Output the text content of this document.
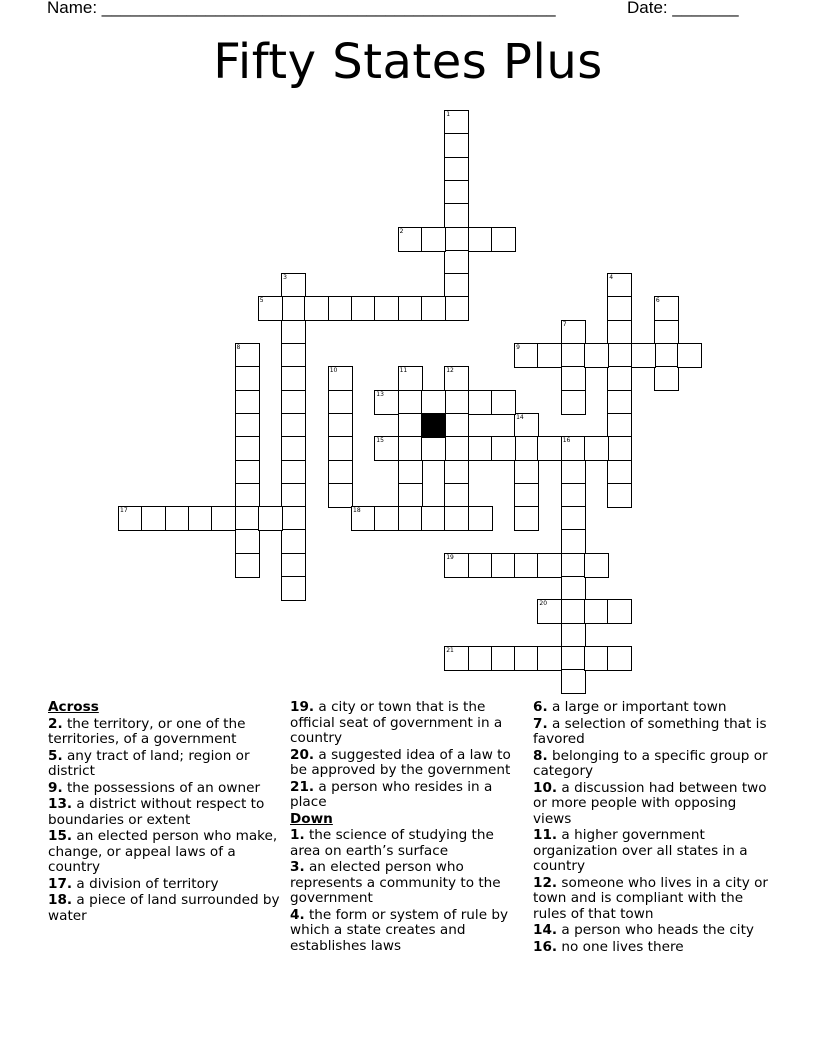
Name: ________________________________________________	Date: _______
Fifty States Plus
1
3	4
6
7
8
10	11	12
14
16
2
5
9
13
15
17	18
19
20
21
Across
2. the territory, or one of the territories, of a government
5. any tract of land; region or district
9. the possessions of an owner
13. a district without respect to boundaries or extent
15. an elected person who make, change, or appeal laws of a country
17. a division of territory
18. a piece of land surrounded by water
19. a city or town that is the official seat of government in a country
20. a suggested idea of a law to be approved by the government
21. a person who resides in a place
Down
1. the science of studying the area on earth’s surface
3. an elected person who represents a community to the government
4. the form or system of rule by which a state creates and establishes laws
6. a large or important town
7. a selection of something that is favored
8. belonging to a specific group or category
10. a discussion had between two or more people with opposing views
11. a higher government organization over all states in a country
12. someone who lives in a city or town and is compliant with the rules of that town
14. a person who heads the city
16. no one lives there
